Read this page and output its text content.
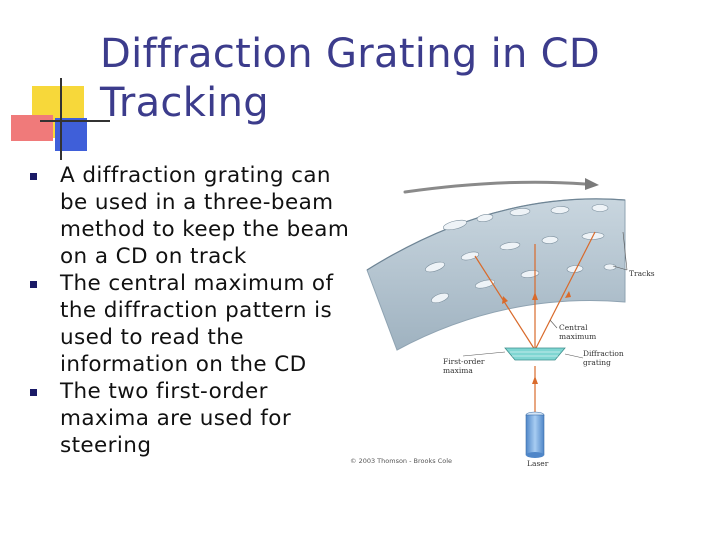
Diffraction Grating in CD
Tracking
A diffraction grating can be used in a three-beam method to keep the beam on a CD on track
The central maximum of the diffraction pattern is used to read the information on the CD
The two first-order maxima are used for steering
Tracks
Central
maximum
First-order
maxima
Diffraction
grating
Laser
© 2003 Thomson - Brooks Cole
